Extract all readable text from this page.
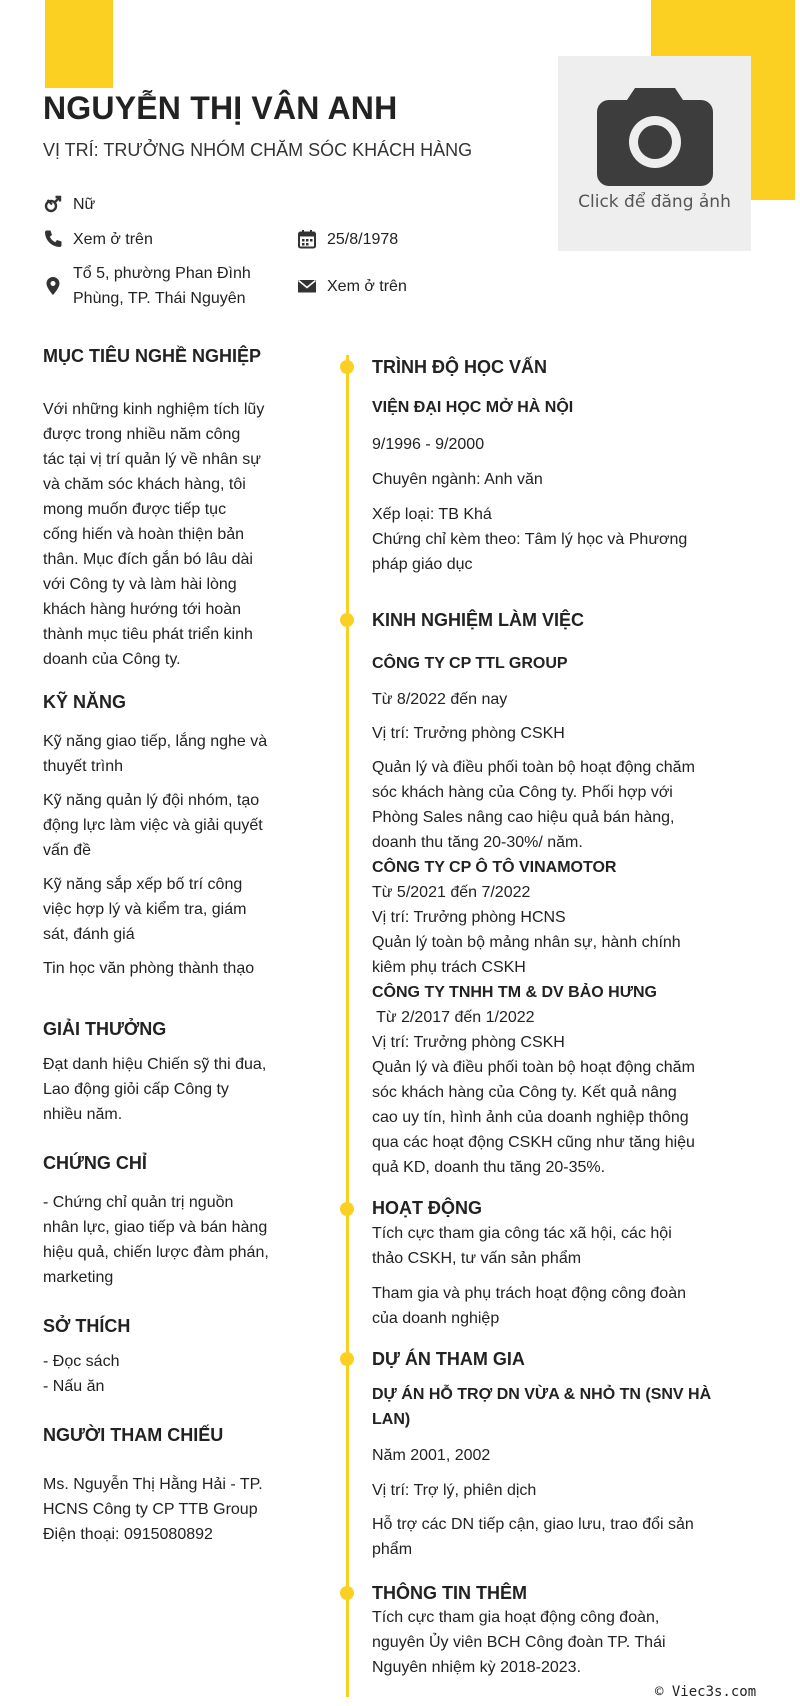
Click để đăng ảnh
NGUYỄN THỊ VÂN ANH
VỊ TRÍ: TRƯỞNG NHÓM CHĂM SÓC KHÁCH HÀNG
Nữ
Xem ở trên	25/8/1978
Tổ 5, phường Phan Đình
Phùng, TP. Thái Nguyên
Xem ở trên
MỤC TIÊU NGHỀ NGHIỆP
Với những kinh nghiệm tích lũy
được trong nhiều năm công
tác tại vị trí quản lý về nhân sự
và chăm sóc khách hàng, tôi
mong muốn được tiếp tục
cống hiến và hoàn thiện bản
thân. Mục đích gắn bó lâu dài
với Công ty và làm hài lòng
khách hàng hướng tới hoàn
thành mục tiêu phát triển kinh
doanh của Công ty.
KỸ NĂNG
Kỹ năng giao tiếp, lắng nghe và
thuyết trình
Kỹ năng quản lý đội nhóm, tạo
động lực làm việc và giải quyết
vấn đề
Kỹ năng sắp xếp bố trí công
việc hợp lý và kiểm tra, giám
sát, đánh giá
Tin học văn phòng thành thạo
GIẢI THƯỞNG
Đạt danh hiệu Chiến sỹ thi đua,
Lao động giỏi cấp Công ty
nhiều năm.
CHỨNG CHỈ
- Chứng chỉ quản trị nguồn
nhân lực, giao tiếp và bán hàng
hiệu quả, chiến lược đàm phán,
marketing
SỞ THÍCH
- Đọc sách
- Nấu ăn
NGƯỜI THAM CHIẾU
Ms. Nguyễn Thị Hằng Hải - TP.
HCNS Công ty CP TTB Group
Điện thoại: 0915080892
TRÌNH ĐỘ HỌC VẤN
VIỆN ĐẠI HỌC MỞ HÀ NỘI
9/1996 - 9/2000
Chuyên ngành: Anh văn
Xếp loại: TB Khá
Chứng chỉ kèm theo: Tâm lý học và Phương
pháp giáo dục
KINH NGHIỆM LÀM VIỆC
CÔNG TY CP TTL GROUP
Từ 8/2022 đến nay
Vị trí: Trưởng phòng CSKH
Quản lý và điều phối toàn bộ hoạt động chăm
sóc khách hàng của Công ty. Phối hợp với
Phòng Sales nâng cao hiệu quả bán hàng,
doanh thu tăng 20-30%/ năm.
CÔNG TY CP Ô TÔ VINAMOTOR
Từ 5/2021 đến 7/2022
Vị trí: Trưởng phòng HCNS
Quản lý toàn bộ mảng nhân sự, hành chính
kiêm phụ trách CSKH
CÔNG TY TNHH TM & DV BẢO HƯNG
Từ 2/2017 đến 1/2022
Vị trí: Trưởng phòng CSKH
Quản lý và điều phối toàn bộ hoạt động chăm
sóc khách hàng của Công ty. Kết quả nâng
cao uy tín, hình ảnh của doanh nghiệp thông
qua các hoạt động CSKH cũng như tăng hiệu
quả KD, doanh thu tăng 20-35%.
HOẠT ĐỘNG
Tích cực tham gia công tác xã hội, các hội
thảo CSKH, tư vấn sản phẩm
Tham gia và phụ trách hoạt động công đoàn
của doanh nghiệp
DỰ ÁN THAM GIA
DỰ ÁN HỖ TRỢ DN VỪA & NHỎ TN (SNV HÀ
LAN)
Năm 2001, 2002
Vị trí: Trợ lý, phiên dịch
Hỗ trợ các DN tiếp cận, giao lưu, trao đổi sản
phẩm
THÔNG TIN THÊM
Tích cực tham gia hoạt động công đoàn,
nguyên Ủy viên BCH Công đoàn TP. Thái
Nguyên nhiệm kỳ 2018-2023.
© Viec3s.com
